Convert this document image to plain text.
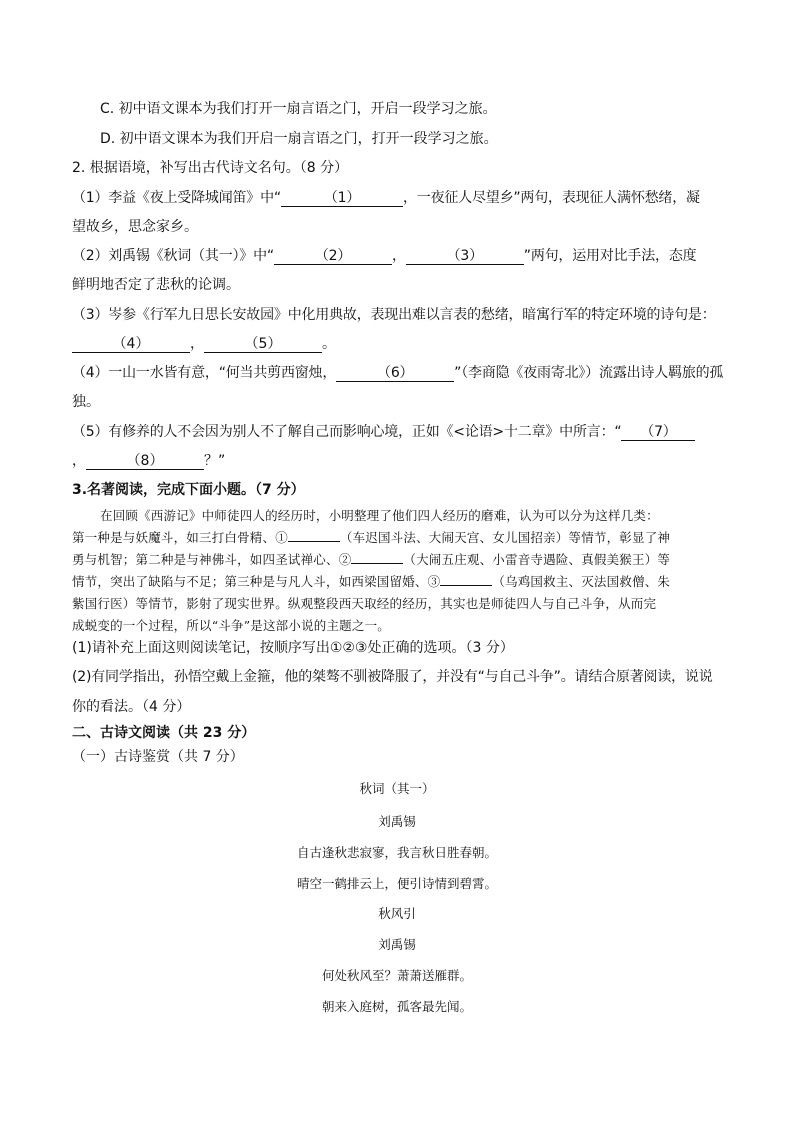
C. 初中语文课本为我们打开一扇言语之门，开启一段学习之旅。
D. 初中语文课本为我们开启一扇言语之门，打开一段学习之旅。
2. 根据语境，补写出古代诗文名句。（8 分）
（1）李益《夜上受降城闻笛》中“	（1）	，一夜征人尽望乡”两句，表现征人满怀愁绪，凝
望故乡，思念家乡。
（2）刘禹锡《秋词（其一）》中“	（2）	，	（3）	”两句，运用对比手法，态度
鲜明地否定了悲秋的论调。
（3）岑参《行军九日思长安故园》中化用典故，表现出难以言表的愁绪，暗寓行军的特定环境的诗句是：
（4）	，	（5）	。
（4）一山一水皆有意，“何当共剪西窗烛，	（6）	”（李商隐《夜雨寄北》）流露出诗人羁旅的孤
独。
（5）有修养的人不会因为别人不了解自己而影响心境，正如《<论语>十二章》中所言：“ （7）
，	（8）	？”
3.名著阅读，完成下面小题。（7 分）
在回顾《西游记》中师徒四人的经历时，小明整理了他们四人经历的磨难，认为可以分为这样几类：
第一种是与妖魔斗，如三打白骨精、①	（车迟国斗法、大闹天宫、女儿国招亲）等情节，彰显了神
勇与机智；第二种是与神佛斗，如四圣试禅心、②	（大闹五庄观、小雷音寺遇险、真假美猴王）等
情节，突出了缺陷与不足；第三种是与凡人斗，如西梁国留婚、③	（乌鸡国救主、灭法国救僧、朱
紫国行医）等情节，影射了现实世界。纵观整段西天取经的经历，其实也是师徒四人与自己斗争，从而完
成蜕变的一个过程，所以“斗争”是这部小说的主题之一。
(1)请补充上面这则阅读笔记，按顺序写出①②③处正确的选项。（3 分）
(2)有同学指出，孙悟空戴上金箍，他的桀骜不驯被降服了，并没有“与自己斗争”。请结合原著阅读，说说
你的看法。（4 分）
二、古诗文阅读（共 23 分）
（一）古诗鉴赏（共 7 分）
秋词（其一）
刘禹锡
自古逢秋悲寂寥，我言秋日胜春朝。
晴空一鹤排云上，便引诗情到碧霄。
秋风引
刘禹锡
何处秋风至？萧萧送雁群。
朝来入庭树，孤客最先闻。
